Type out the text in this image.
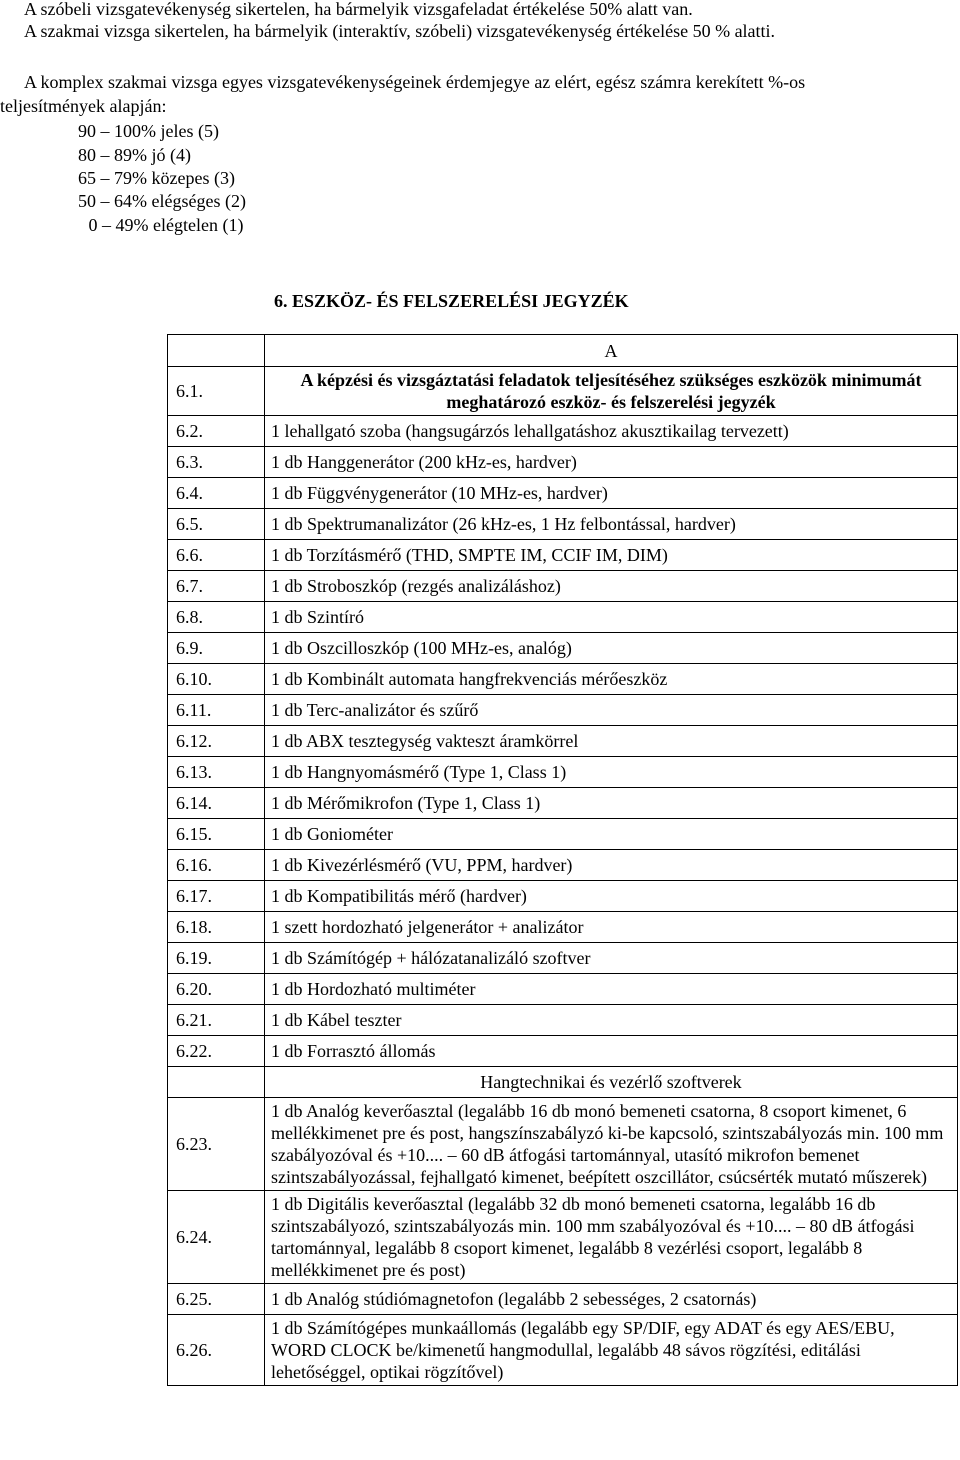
A szóbeli vizsgatevékenység sikertelen, ha bármelyik vizsgafeladat értékelése 50% alatt van.
A szakmai vizsga sikertelen, ha bármelyik (interaktív, szóbeli) vizsgatevékenység értékelése 50 % alatti.
A komplex szakmai vizsga egyes vizsgatevékenységeinek érdemjegye az elért, egész számra kerekített %-os
teljesítmények alapján:
90 – 100% jeles (5)
80 – 89% jó (4)
65 – 79% közepes (3)
50 – 64% elégséges (2)
0 – 49% elégtelen (1)
6. ESZKÖZ- ÉS FELSZERELÉSI JEGYZÉK
	A
6.1.	A képzési és vizsgáztatási feladatok teljesítéséhez szükséges eszközök minimumát meghatározó eszköz- és felszerelési jegyzék
6.2.	1 lehallgató szoba (hangsugárzós lehallgatáshoz akusztikailag tervezett)
6.3.	1 db Hanggenerátor (200 kHz-es, hardver)
6.4.	1 db Függvénygenerátor (10 MHz-es, hardver)
6.5.	1 db Spektrumanalizátor (26 kHz-es, 1 Hz felbontással, hardver)
6.6.	1 db Torzításmérő (THD, SMPTE IM, CCIF IM, DIM)
6.7.	1 db Stroboszkóp (rezgés analizáláshoz)
6.8.	1 db Szintíró
6.9.	1 db Oszcilloszkóp (100 MHz-es, analóg)
6.10.	1 db Kombinált automata hangfrekvenciás mérőeszköz
6.11.	1 db Terc-analizátor és szűrő
6.12.	1 db ABX tesztegység vakteszt áramkörrel
6.13.	1 db Hangnyomásmérő (Type 1, Class 1)
6.14.	1 db Mérőmikrofon (Type 1, Class 1)
6.15.	1 db Goniométer
6.16.	1 db Kivezérlésmérő (VU, PPM, hardver)
6.17.	1 db Kompatibilitás mérő (hardver)
6.18.	1 szett hordozható jelgenerátor + analizátor
6.19.	1 db Számítógép + hálózatanalizáló szoftver
6.20.	1 db Hordozható multiméter
6.21.	1 db Kábel teszter
6.22.	1 db Forrasztó állomás
	Hangtechnikai és vezérlő szoftverek
6.23.	1 db Analóg keverőasztal (legalább 16 db monó bemeneti csatorna, 8 csoport kimenet, 6 mellékkimenet pre és post, hangszínszabályzó ki-be kapcsoló, szintszabályozás min. 100 mm szabályozóval és +10.... – 60 dB átfogási tartománnyal, utasító mikrofon bemenet szintszabályozással, fejhallgató kimenet, beépített oszcillátor, csúcsérték mutató műszerek)
6.24.	1 db Digitális keverőasztal (legalább 32 db monó bemeneti csatorna, legalább 16 db szintszabályozó, szintszabályozás min. 100 mm szabályozóval és +10.... – 80 dB átfogási tartománnyal, legalább 8 csoport kimenet, legalább 8 vezérlési csoport, legalább 8 mellékkimenet pre és post)
6.25.	1 db Analóg stúdiómagnetofon (legalább 2 sebességes, 2 csatornás)
6.26.	1 db Számítógépes munkaállomás (legalább egy SP/DIF, egy ADAT és egy AES/EBU, WORD CLOCK be/kimenetű hangmodullal, legalább 48 sávos rögzítési, editálási lehetőséggel, optikai rögzítővel)
